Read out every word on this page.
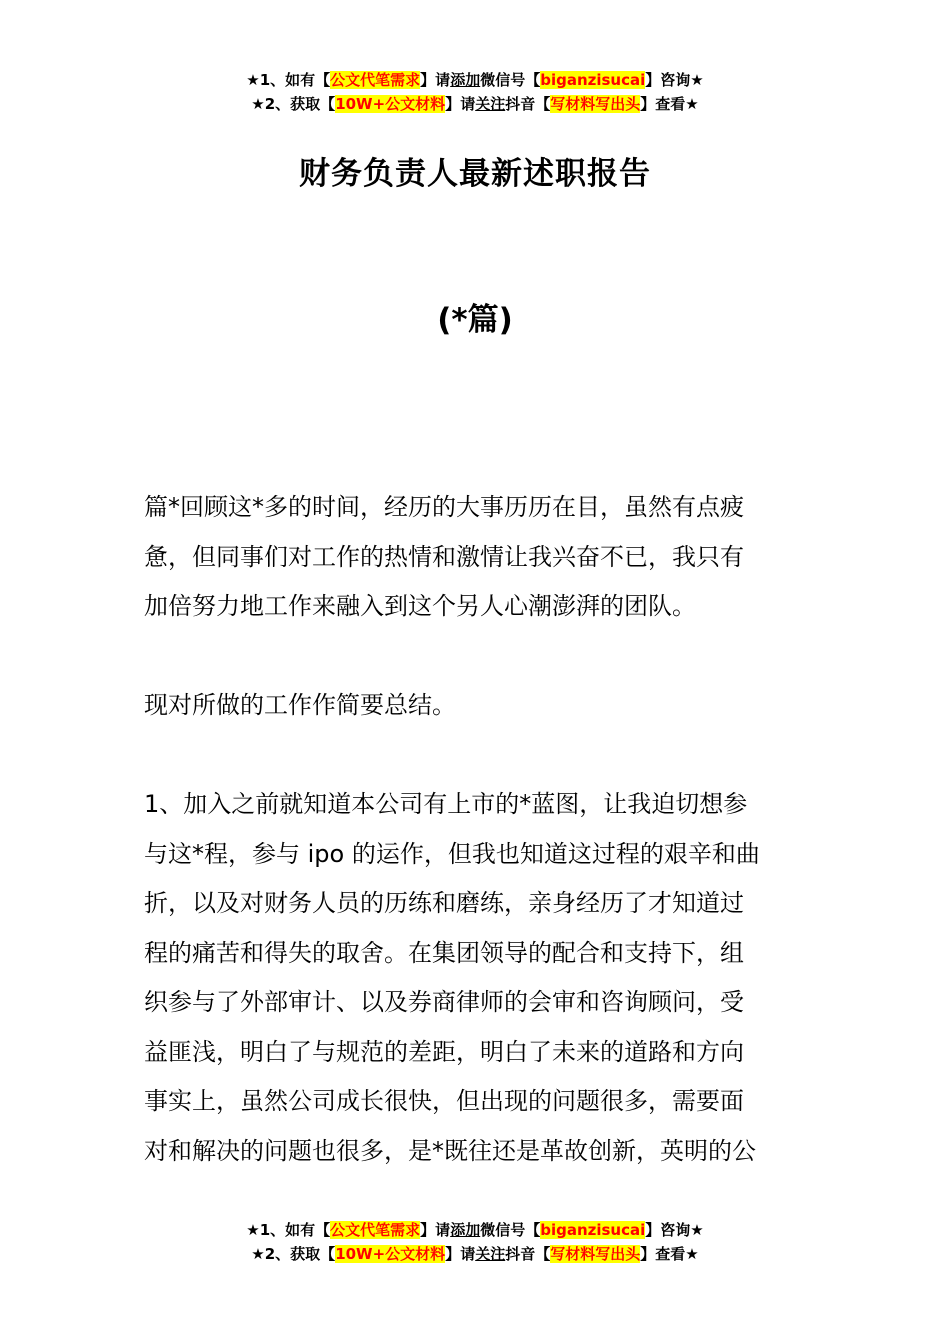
★1、如有【公文代笔需求】请添加微信号【biganzisucai】咨询★
★2、获取【10W+公文材料】请关注抖音【写材料写出头】查看★
财务负责人最新述职报告
(*篇)

篇*回顾这*多的时间，经历的大事历历在目，虽然有点疲
惫，但同事们对工作的热情和激情让我兴奋不已，我只有
加倍努力地工作来融入到这个另人心潮澎湃的团队。

现对所做的工作作简要总结。

1、加入之前就知道本公司有上市的*蓝图，让我迫切想参
与这*程，参与 ipo 的运作，但我也知道这过程的艰辛和曲
折，以及对财务人员的历练和磨练，亲身经历了才知道过
程的痛苦和得失的取舍。在集团领导的配合和支持下，组
织参与了外部审计、以及券商律师的会审和咨询顾问，受
益匪浅，明白了与规范的差距，明白了未来的道路和方向
事实上，虽然公司成长很快，但出现的问题很多，需要面
对和解决的问题也很多，是*既往还是革故创新，英明的公

★1、如有【公文代笔需求】请添加微信号【biganzisucai】咨询★
★2、获取【10W+公文材料】请关注抖音【写材料写出头】查看★
